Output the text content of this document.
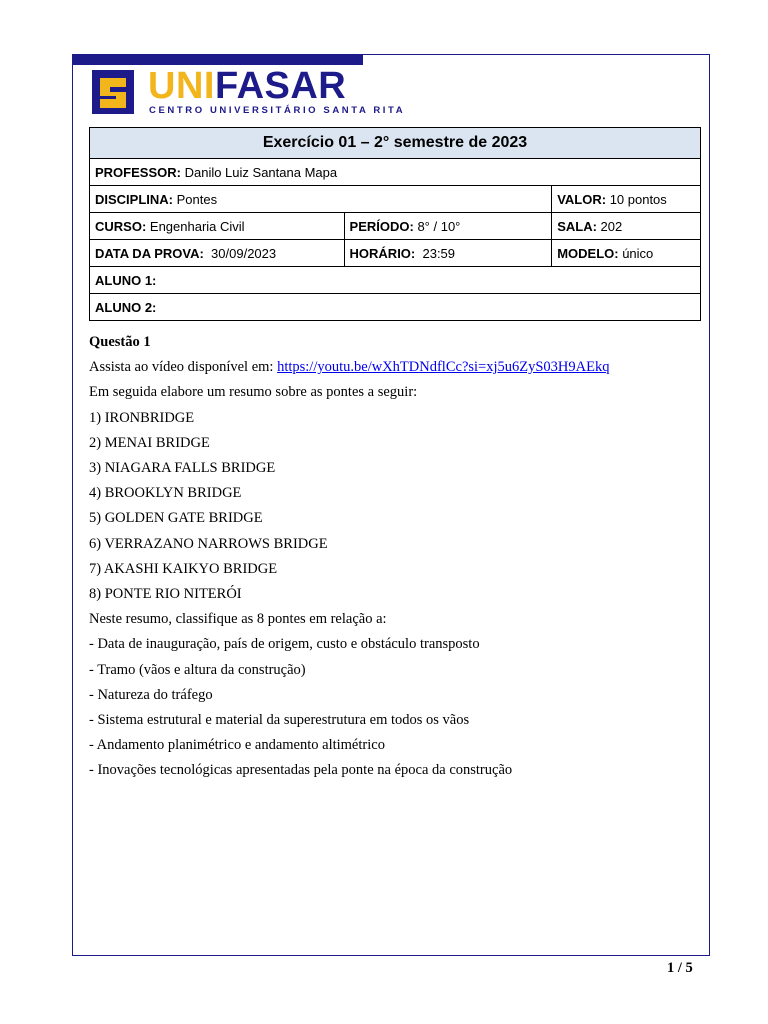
UNIFASAR
CENTRO UNIVERSITÁRIO SANTA RITA
Exercício 01 – 2° semestre de 2023		
PROFESSOR: Danilo Luiz Santana Mapa		
DISCIPLINA: Pontes		VALOR: 10 pontos
CURSO: Engenharia Civil	PERÍODO: 8° / 10°	SALA: 202
DATA DA PROVA: 30/09/2023	HORÁRIO: 23:59	MODELO: único
ALUNO 1:		
ALUNO 2:		

Questão 1

Assista ao vídeo disponível em: https://youtu.be/wXhTDNdflCc?si=xj5u6ZyS03H9AEkq

Em seguida elabore um resumo sobre as pontes a seguir:

1) IRONBRIDGE

2) MENAI BRIDGE

3) NIAGARA FALLS BRIDGE

4) BROOKLYN BRIDGE

5) GOLDEN GATE BRIDGE

6) VERRAZANO NARROWS BRIDGE

7) AKASHI KAIKYO BRIDGE

8) PONTE RIO NITERÓI

Neste resumo, classifique as 8 pontes em relação a:

- Data de inauguração, país de origem, custo e obstáculo transposto

- Tramo (vãos e altura da construção)

- Natureza do tráfego

- Sistema estrutural e material da superestrutura em todos os vãos

- Andamento planimétrico e andamento altimétrico

- Inovações tecnológicas apresentadas pela ponte na época da construção

1 / 5
